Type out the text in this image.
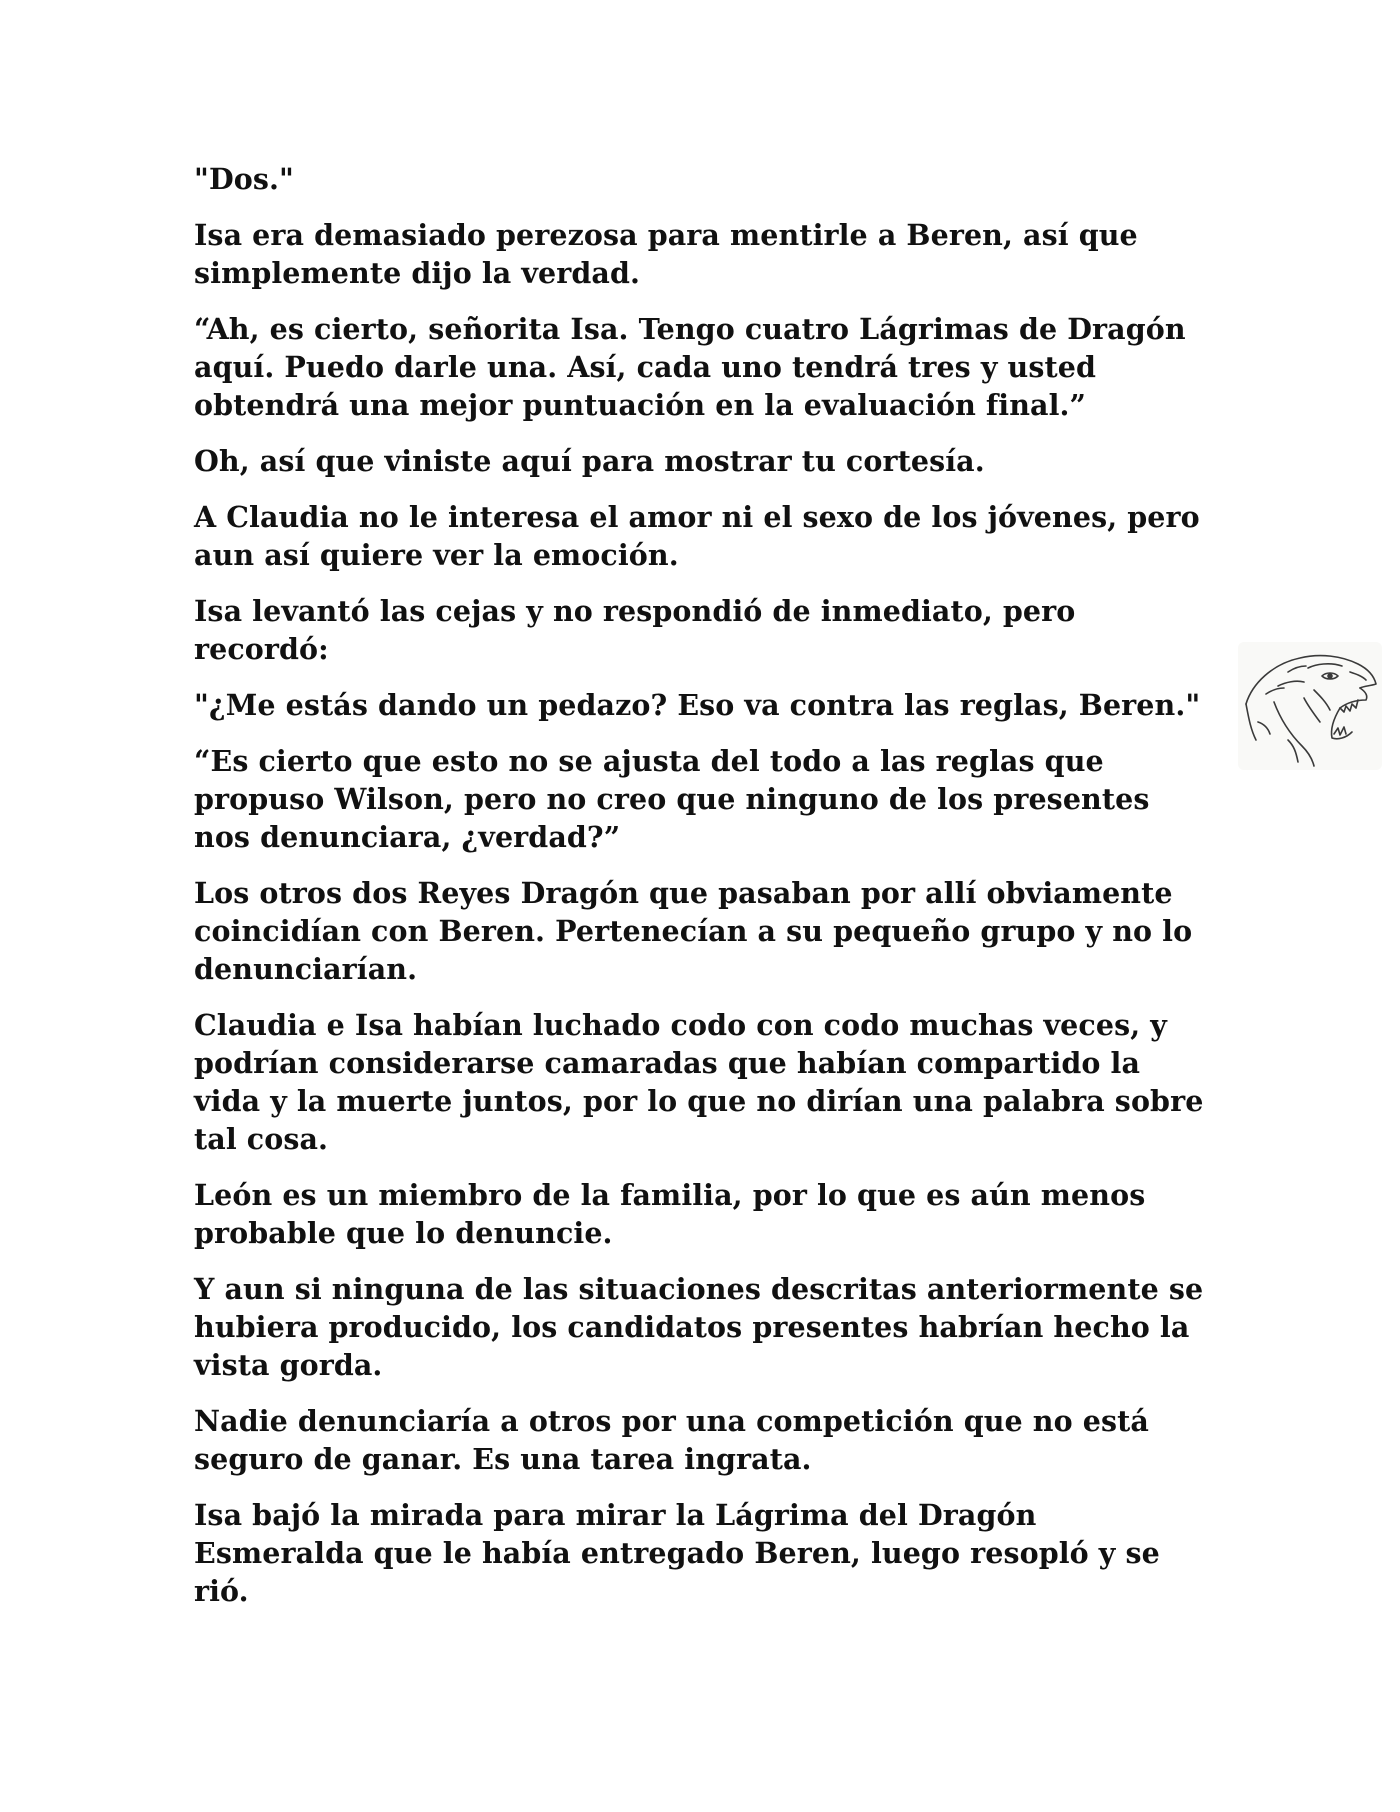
"Dos."

Isa era demasiado perezosa para mentirle a Beren, así que simplemente dijo la verdad.

“Ah, es cierto, señorita Isa. Tengo cuatro Lágrimas de Dragón aquí. Puedo darle una. Así, cada uno tendrá tres y usted obtendrá una mejor puntuación en la evaluación final.”

Oh, así que viniste aquí para mostrar tu cortesía.

A Claudia no le interesa el amor ni el sexo de los jóvenes, pero aun así quiere ver la emoción.

Isa levantó las cejas y no respondió de inmediato, pero recordó:

"¿Me estás dando un pedazo? Eso va contra las reglas, Beren."

“Es cierto que esto no se ajusta del todo a las reglas que propuso Wilson, pero no creo que ninguno de los presentes nos denunciara, ¿verdad?”

Los otros dos Reyes Dragón que pasaban por allí obviamente coincidían con Beren. Pertenecían a su pequeño grupo y no lo denunciarían.

Claudia e Isa habían luchado codo con codo muchas veces, y podrían considerarse camaradas que habían compartido la vida y la muerte juntos, por lo que no dirían una palabra sobre tal cosa.

León es un miembro de la familia, por lo que es aún menos probable que lo denuncie.

Y aun si ninguna de las situaciones descritas anteriormente se hubiera producido, los candidatos presentes habrían hecho la vista gorda.

Nadie denunciaría a otros por una competición que no está seguro de ganar. Es una tarea ingrata.

Isa bajó la mirada para mirar la Lágrima del Dragón Esmeralda que le había entregado Beren, luego resopló y se rió.
